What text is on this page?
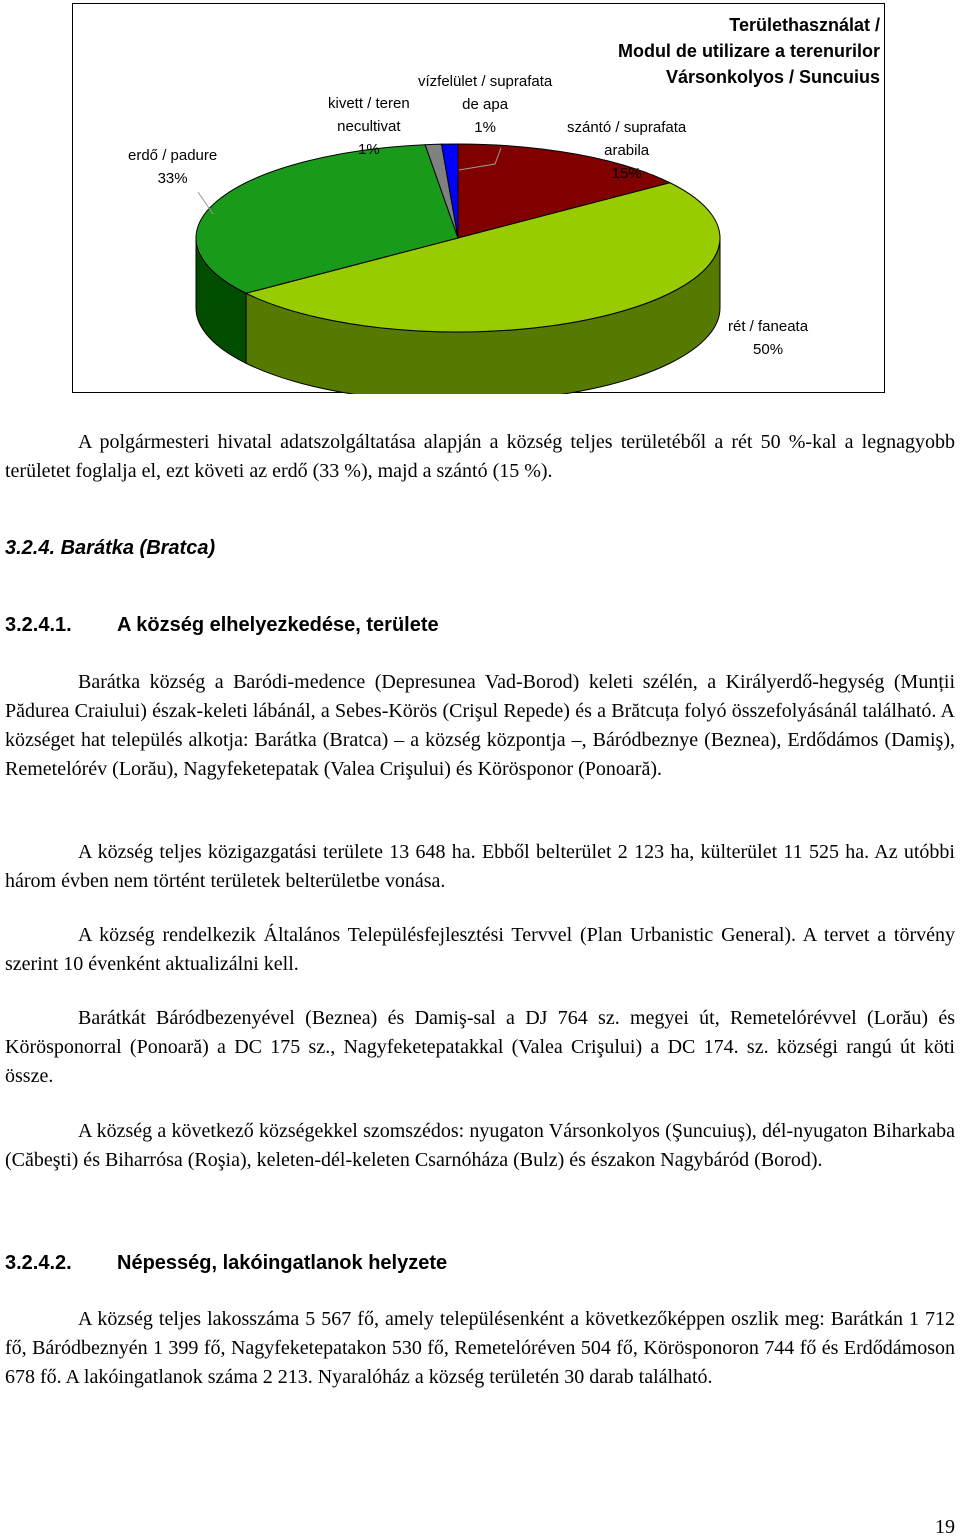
Területhasználat /
Modul de utilizare a terenurilor
Vársonkolyos / Suncuius
erdő / padure
33%
kivett / teren
necultivat
1%
vízfelület / suprafata
de apa
1%	szántó / suprafata
arabila
15%
rét / faneata
50%

A polgármesteri hivatal adatszolgáltatása alapján a község teljes területéből a rét 50 %-kal a legnagyobb területet foglalja el, ezt követi az erdő (33 %), majd a szántó (15 %).

3.2.4. Barátka (Bratca)
3.2.4.1. A község elhelyezkedése, területe

Barátka község a Baródi-medence (Depresunea Vad-Borod) keleti szélén, a Királyerdő-hegység (Munții Pădurea Craiului) észak-keleti lábánál, a Sebes-Körös (Crişul Repede) és a Brătcuța folyó összefolyásánál található. A községet hat település alkotja: Barátka (Bratca) – a község központja –, Báródbeznye (Beznea), Erdődámos (Damiş), Remetelórév (Lorău), Nagyfeketepatak (Valea Crişului) és Körösponor (Ponoară).

A község teljes közigazgatási területe 13 648 ha. Ebből belterület 2 123 ha, külterület 11 525 ha. Az utóbbi három évben nem történt területek belterületbe vonása.

A község rendelkezik Általános Településfejlesztési Tervvel (Plan Urbanistic General). A tervet a törvény szerint 10 évenként aktualizálni kell.

Barátkát Báródbezenyével (Beznea) és Damiş-sal a DJ 764 sz. megyei út, Remetelórévvel (Lorău) és Körösponorral (Ponoară) a DC 175 sz., Nagyfeketepatakkal (Valea Crişului) a DC 174. sz. községi rangú út köti össze.

A község a következő községekkel szomszédos: nyugaton Vársonkolyos (Şuncuiuş), dél-nyugaton Biharkaba (Căbeşti) és Biharrósa (Roşia), keleten-dél-keleten Csarnóháza (Bulz) és északon Nagybáród (Borod).

3.2.4.2. Népesség, lakóingatlanok helyzete

A község teljes lakosszáma 5 567 fő, amely településenként a következőképpen oszlik meg: Barátkán 1 712 fő, Báródbeznyén 1 399 fő, Nagyfeketepatakon 530 fő, Remetelóréven 504 fő, Körösponoron 744 fő és Erdődámoson 678 fő. A lakóingatlanok száma 2 213. Nyaralóház a község területén 30 darab található.

19
